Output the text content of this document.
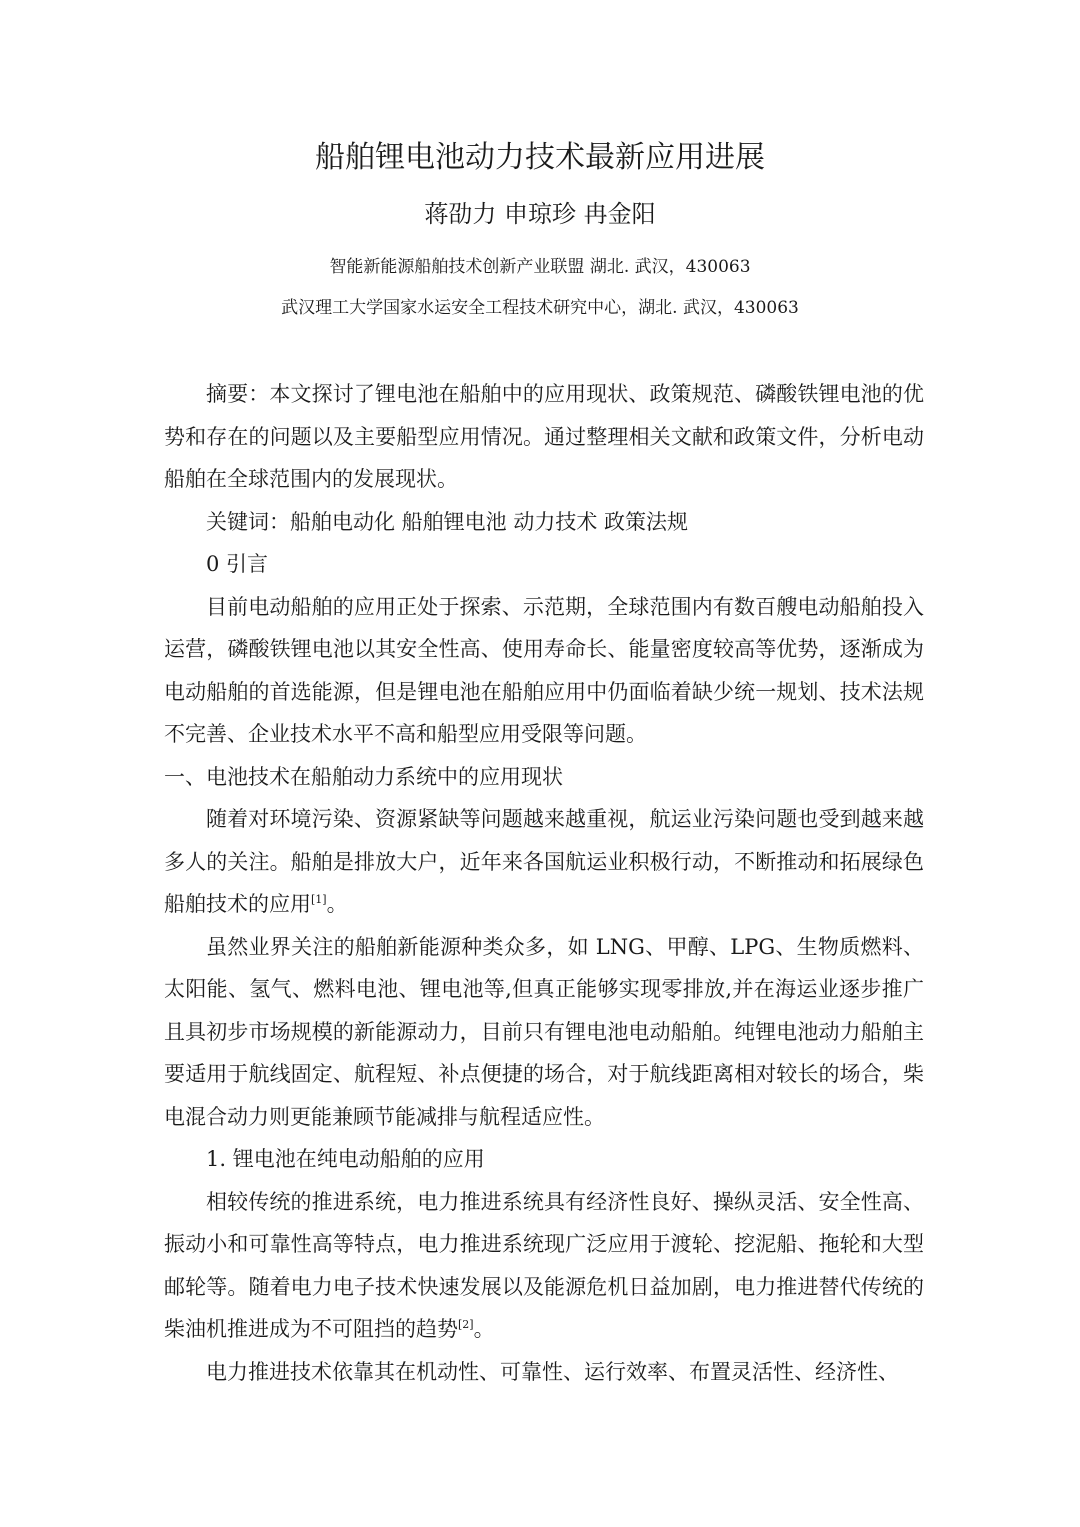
船舶锂电池动力技术最新应用进展
蒋劭力 申琼珍 冉金阳
智能新能源船舶技术创新产业联盟 湖北. 武汉，430063
武汉理工大学国家水运安全工程技术研究中心，湖北. 武汉，430063

摘要：本文探讨了锂电池在船舶中的应用现状、政策规范、磷酸铁锂电池的优势和存在的问题以及主要船型应用情况。通过整理相关文献和政策文件，分析电动船舶在全球范围内的发展现状。

关键词：船舶电动化 船舶锂电池 动力技术 政策法规

0 引言

目前电动船舶的应用正处于探索、示范期，全球范围内有数百艘电动船舶投入运营，磷酸铁锂电池以其安全性高、使用寿命长、能量密度较高等优势，逐渐成为电动船舶的首选能源，但是锂电池在船舶应用中仍面临着缺少统一规划、技术法规不完善、企业技术水平不高和船型应用受限等问题。

一、电池技术在船舶动力系统中的应用现状

随着对环境污染、资源紧缺等问题越来越重视，航运业污染问题也受到越来越多人的关注。船舶是排放大户，近年来各国航运业积极行动，不断推动和拓展绿色船舶技术的应用[1]。

虽然业界关注的船舶新能源种类众多，如 LNG、甲醇、LPG、生物质燃料、太阳能、氢气、燃料电池、锂电池等,但真正能够实现零排放,并在海运业逐步推广且具初步市场规模的新能源动力，目前只有锂电池电动船舶。纯锂电池动力船舶主要适用于航线固定、航程短、补点便捷的场合，对于航线距离相对较长的场合，柴电混合动力则更能兼顾节能减排与航程适应性。

1. 锂电池在纯电动船舶的应用

相较传统的推进系统，电力推进系统具有经济性良好、操纵灵活、安全性高、振动小和可靠性高等特点，电力推进系统现广泛应用于渡轮、挖泥船、拖轮和大型邮轮等。随着电力电子技术快速发展以及能源危机日益加剧，电力推进替代传统的柴油机推进成为不可阻挡的趋势[2]。

电力推进技术依靠其在机动性、可靠性、运行效率、布置灵活性、经济性、
